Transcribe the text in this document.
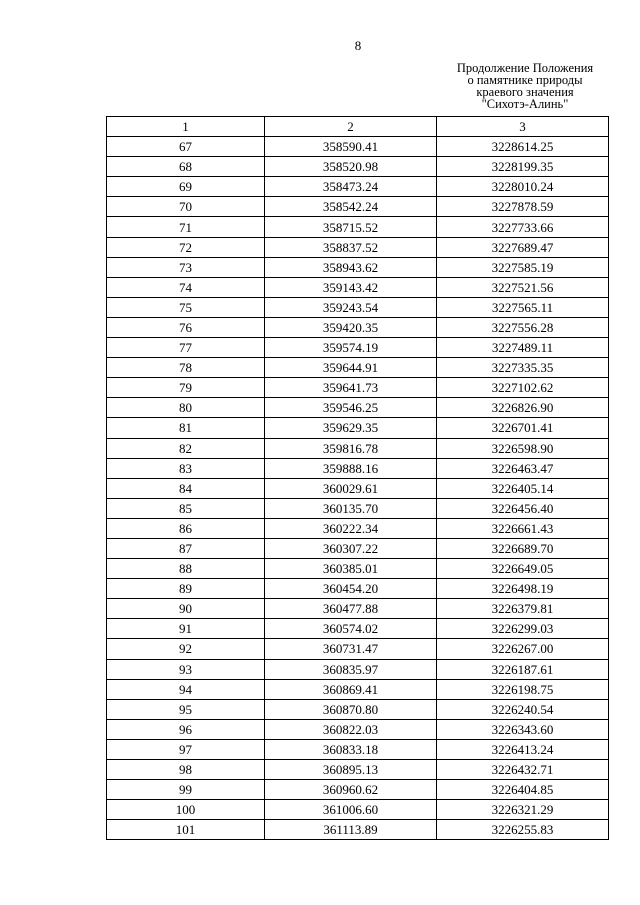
8
Продолжение Положения
о памятнике природы
краевого значения
"Сихотэ-Алинь"
1	2	3
67	358590.41	3228614.25
68	358520.98	3228199.35
69	358473.24	3228010.24
70	358542.24	3227878.59
71	358715.52	3227733.66
72	358837.52	3227689.47
73	358943.62	3227585.19
74	359143.42	3227521.56
75	359243.54	3227565.11
76	359420.35	3227556.28
77	359574.19	3227489.11
78	359644.91	3227335.35
79	359641.73	3227102.62
80	359546.25	3226826.90
81	359629.35	3226701.41
82	359816.78	3226598.90
83	359888.16	3226463.47
84	360029.61	3226405.14
85	360135.70	3226456.40
86	360222.34	3226661.43
87	360307.22	3226689.70
88	360385.01	3226649.05
89	360454.20	3226498.19
90	360477.88	3226379.81
91	360574.02	3226299.03
92	360731.47	3226267.00
93	360835.97	3226187.61
94	360869.41	3226198.75
95	360870.80	3226240.54
96	360822.03	3226343.60
97	360833.18	3226413.24
98	360895.13	3226432.71
99	360960.62	3226404.85
100	361006.60	3226321.29
101	361113.89	3226255.83
